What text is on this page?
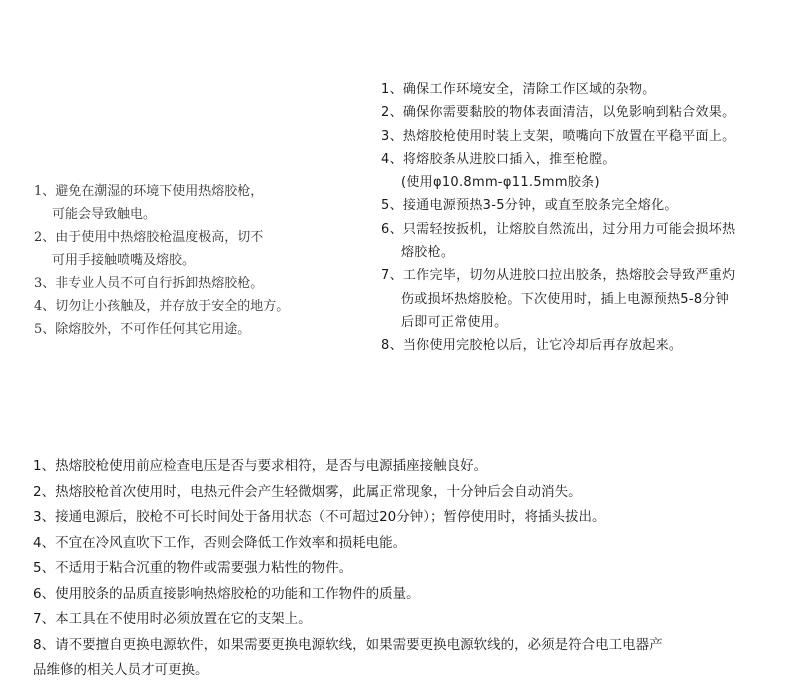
1、避免在潮湿的环境下使用热熔胶枪，
可能会导致触电。
2、由于使用中热熔胶枪温度极高，切不
可用手接触喷嘴及熔胶。
3、非专业人员不可自行拆卸热熔胶枪。
4、切勿让小孩触及，并存放于安全的地方。
5、除熔胶外，不可作任何其它用途。
1、确保工作环境安全，清除工作区域的杂物。
2、确保你需要黏胶的物体表面清洁，以免影响到粘合效果。
3、热熔胶枪使用时装上支架，喷嘴向下放置在平稳平面上。
4、将熔胶条从进胶口插入，推至枪膛。
(使用φ10.8mm-φ11.5mm胶条)
5、接通电源预热3-5分钟，或直至胶条完全熔化。
6、只需轻按扳机，让熔胶自然流出，过分用力可能会损坏热
熔胶枪。
7、工作完毕，切勿从进胶口拉出胶条，热熔胶会导致严重灼
伤或损坏热熔胶枪。下次使用时，插上电源预热5-8分钟
后即可正常使用。
8、当你使用完胶枪以后，让它冷却后再存放起来。
1、热熔胶枪使用前应检查电压是否与要求相符，是否与电源插座接触良好。
2、热熔胶枪首次使用时，电热元件会产生轻微烟雾，此属正常现象，十分钟后会自动消失。
3、接通电源后，胶枪不可长时间处于备用状态（不可超过20分钟）；暂停使用时，将插头拔出。
4、不宜在冷风直吹下工作，否则会降低工作效率和损耗电能。
5、不适用于粘合沉重的物件或需要强力粘性的物件。
6、使用胶条的品质直接影响热熔胶枪的功能和工作物件的质量。
7、本工具在不使用时必须放置在它的支架上。
8、请不要擅自更换电源软件，如果需要更换电源软线，如果需要更换电源软线的，必须是符合电工电器产
品维修的相关人员才可更换。
